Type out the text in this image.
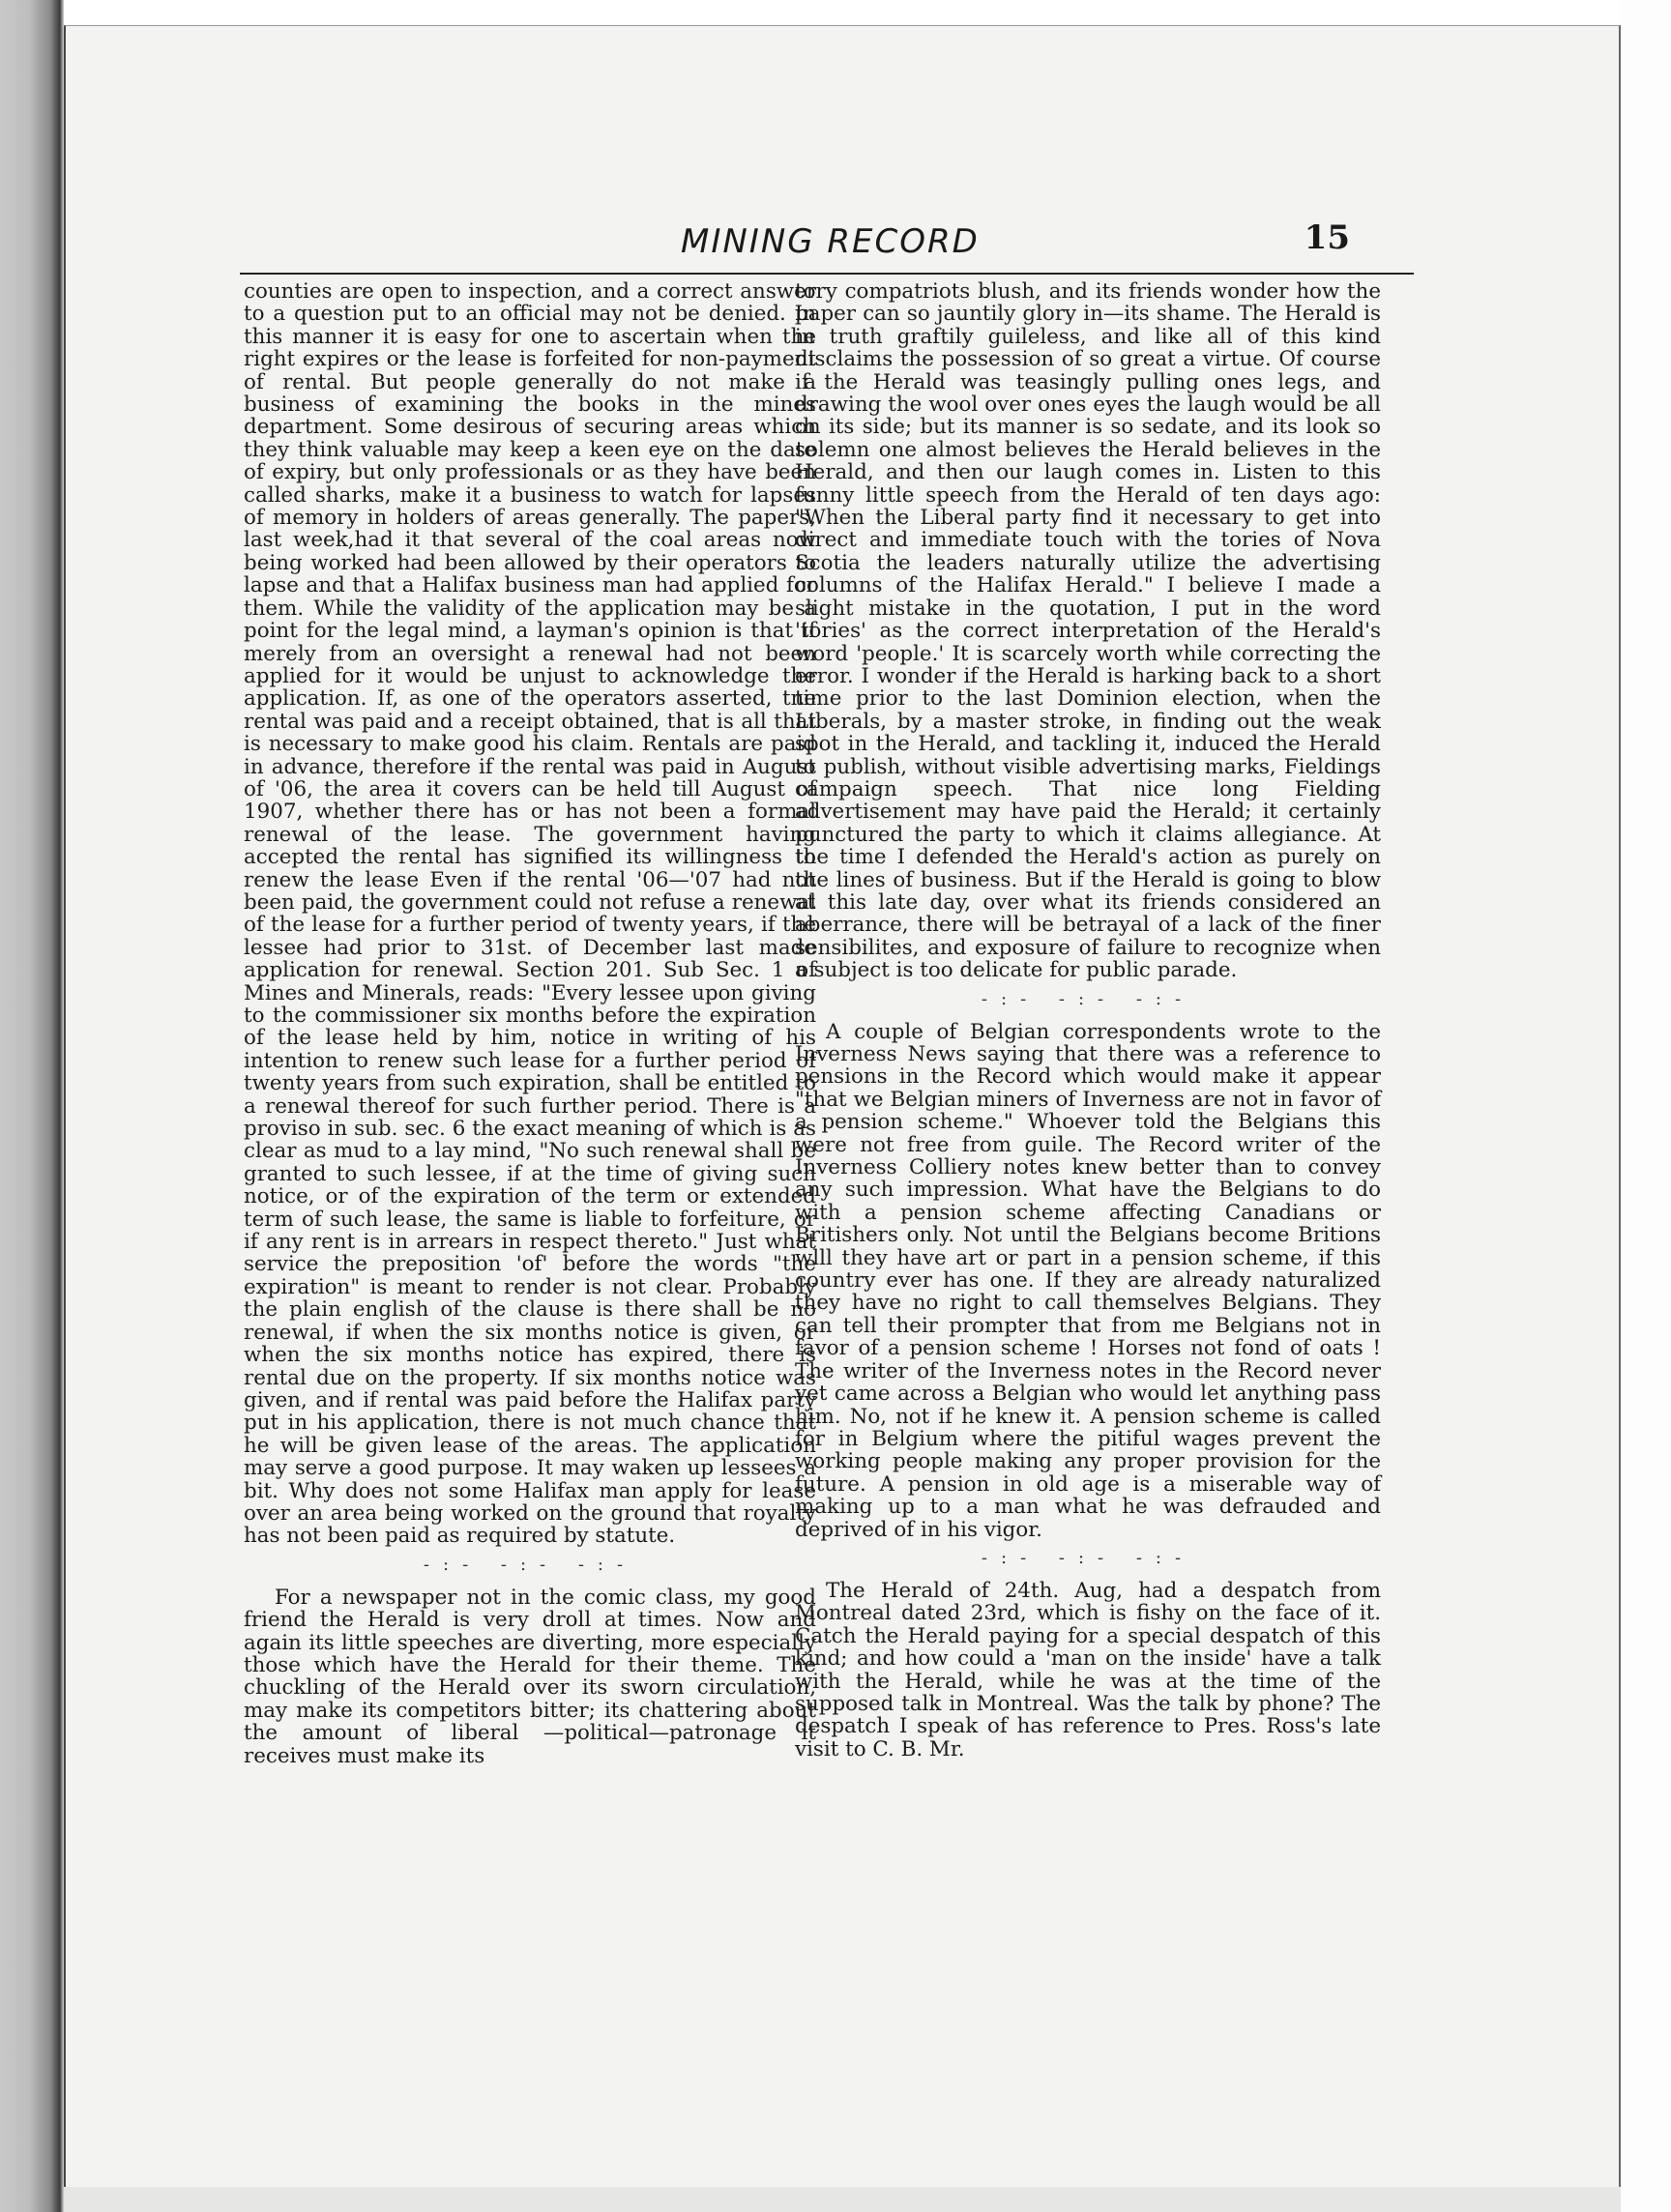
MINING RECORD	15

counties are open to inspection, and a correct answer to a question put to an official may not be denied. In this manner it is easy for one to ascertain when the right expires or the lease is forfeited for non-payment of rental. But people generally do not make a business of examining the books in the mines department. Some desirous of securing areas which they think valuable may keep a keen eye on the date of expiry, but only professionals or as they have been called sharks, make it a business to watch for lapses of memory in holders of areas generally. The papers, last week,had it that several of the coal areas now being worked had been allowed by their operators to lapse and that a Halifax business man had applied for them. While the validity of the application may be a point for the legal mind, a layman's opinion is that if merely from an oversight a renewal had not been applied for it would be unjust to acknowledge the application. If, as one of the operators asserted, tne rental was paid and a receipt obtained, that is all that is necessary to make good his claim. Rentals are paid in advance, therefore if the rental was paid in August of '06, the area it covers can be held till August of 1907, whether there has or has not been a formal renewal of the lease. The government having accepted the rental has signified its willingness to renew the lease Even if the rental '06—'07 had not been paid, the government could not refuse a renewal of the lease for a further period of twenty years, if the lessee had prior to 31st. of December last made application for renewal. Section 201. Sub Sec. 1 of Mines and Minerals, reads: "Every lessee upon giving to the commissioner six months before the expiration of the lease held by him, notice in writing of his intention to renew such lease for a further period of twenty years from such expiration, shall be entitled to a renewal thereof for such further period. There is a proviso in sub. sec. 6 the exact meaning of which is as clear as mud to a lay mind, "No such renewal shall be granted to such lessee, if at the time of giving such notice, or of the expiration of the term or extended term of such lease, the same is liable to forfeiture, or if any rent is in arrears in respect thereto." Just what service the preposition 'of' before the words "the expiration" is meant to render is not clear. Probably the plain english of the clause is there shall be no renewal, if when the six months notice is given, or when the six months notice has expired, there is rental due on the property. If six months notice was given, and if rental was paid before the Halifax party put in his application, there is not much chance that he will be given lease of the areas. The application may serve a good purpose. It may waken up lessees a bit. Why does not some Halifax man apply for lease over an area being worked on the ground that royalty has not been paid as required by statute.

-:- -:- -:-

For a newspaper not in the comic class, my good friend the Herald is very droll at times. Now and again its little speeches are diverting, more especially those which have the Herald for their theme. The chuckling of the Herald over its sworn circulation, may make its competitors bitter; its chattering about the amount of liberal —political—patronage it receives must make its

tory compatriots blush, and its friends wonder how the paper can so jauntily glory in—its shame. The Herald is in truth graftily guileless, and like all of this kind disclaims the possession of so great a virtue. Of course if the Herald was teasingly pulling ones legs, and drawing the wool over ones eyes the laugh would be all on its side; but its manner is so sedate, and its look so solemn one almost believes the Herald believes in the Herald, and then our laugh comes in. Listen to this funny little speech from the Herald of ten days ago: "When the Liberal party find it necessary to get into direct and immediate touch with the tories of Nova Scotia the leaders naturally utilize the advertising columns of the Halifax Herald." I believe I made a slight mistake in the quotation, I put in the word 'tories' as the correct interpretation of the Herald's word 'people.' It is scarcely worth while correcting the error. I wonder if the Herald is harking back to a short time prior to the last Dominion election, when the Liberals, by a master stroke, in finding out the weak spot in the Herald, and tackling it, induced the Herald to publish, without visible advertising marks, Fieldings campaign speech. That nice long Fielding advertisement may have paid the Herald; it certainly punctured the party to which it claims allegiance. At the time I defended the Herald's action as purely on the lines of business. But if the Herald is going to blow at this late day, over what its friends considered an aberrance, there will be betrayal of a lack of the finer sensibilites, and exposure of failure to recognize when a subject is too delicate for public parade.

-:- -:- -:-

A couple of Belgian correspondents wrote to the Inverness News saying that there was a reference to pensions in the Record which would make it appear "that we Belgian miners of Inverness are not in favor of a pension scheme." Whoever told the Belgians this were not free from guile. The Record writer of the Inverness Colliery notes knew better than to convey any such impression. What have the Belgians to do with a pension scheme affecting Canadians or Britishers only. Not until the Belgians become Britions wlll they have art or part in a pension scheme, if this country ever has one. If they are already naturalized they have no right to call themselves Belgians. They can tell their prompter that from me Belgians not in favor of a pension scheme ! Horses not fond of oats ! The writer of the Inverness notes in the Record never yet came across a Belgian who would let anything pass him. No, not if he knew it. A pension scheme is called for in Belgium where the pitiful wages prevent the working people making any proper provision for the future. A pension in old age is a miserable way of making up to a man what he was defrauded and deprived of in his vigor.

-:- -:- -:-

The Herald of 24th. Aug, had a despatch from Montreal dated 23rd, which is fishy on the face of it. Catch the Herald paying for a special despatch of this kind; and how could a 'man on the inside' have a talk with the Herald, while he was at the time of the supposed talk in Montreal. Was the talk by phone? The despatch I speak of has reference to Pres. Ross's late visit to C. B. Mr.
